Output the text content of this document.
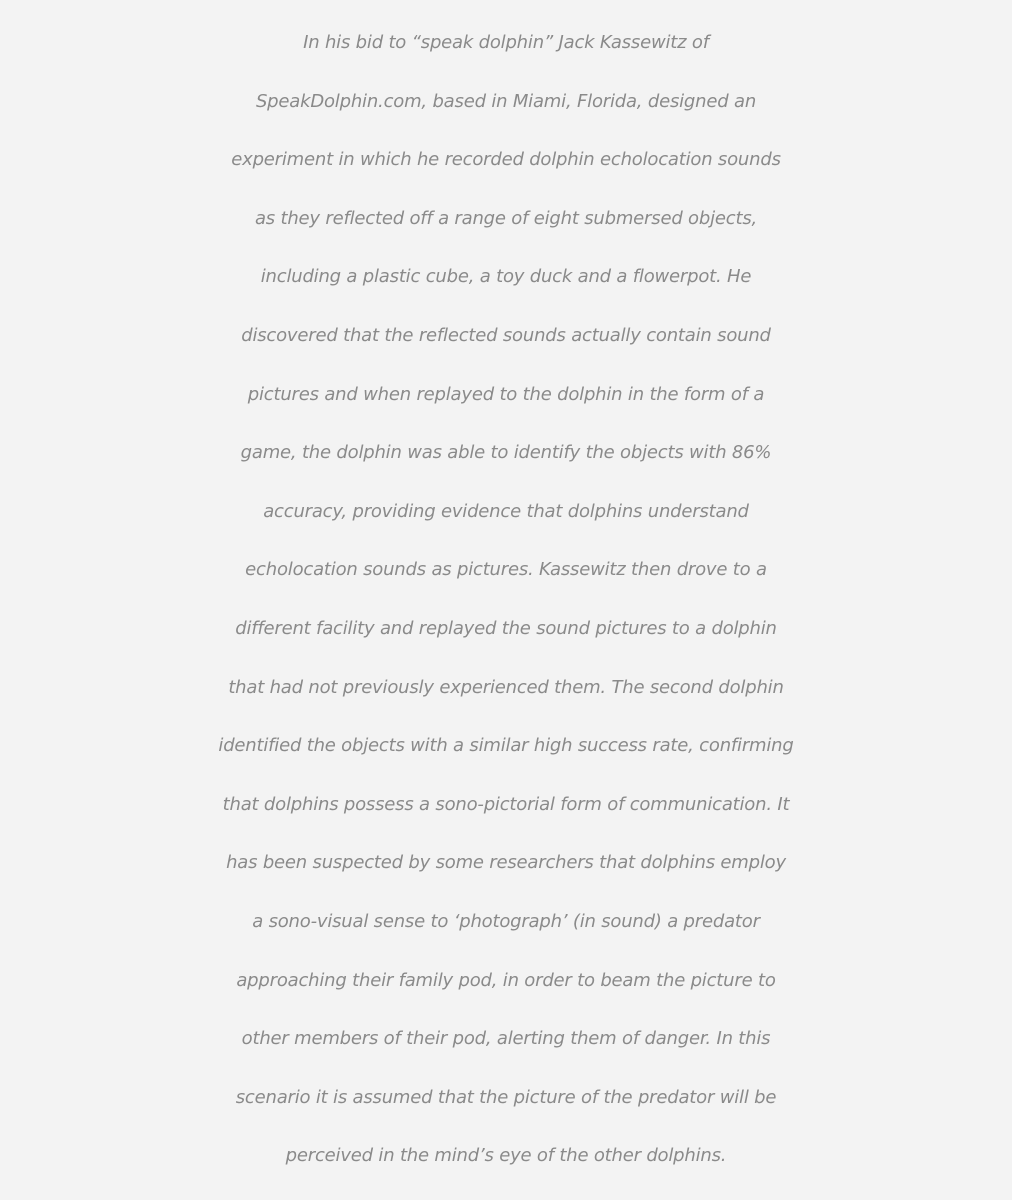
In his bid to “speak dolphin” Jack Kassewitz of
SpeakDolphin.com, based in Miami, Florida, designed an
experiment in which he recorded dolphin echolocation sounds
as they reflected off a range of eight submersed objects,
including a plastic cube, a toy duck and a flowerpot. He
discovered that the reflected sounds actually contain sound
pictures and when replayed to the dolphin in the form of a
game, the dolphin was able to identify the objects with 86%
accuracy, providing evidence that dolphins understand
echolocation sounds as pictures. Kassewitz then drove to a
different facility and replayed the sound pictures to a dolphin
that had not previously experienced them. The second dolphin
identified the objects with a similar high success rate, confirming
that dolphins possess a sono-pictorial form of communication. It
has been suspected by some researchers that dolphins employ
a sono-visual sense to ‘photograph’ (in sound) a predator
approaching their family pod, in order to beam the picture to
other members of their pod, alerting them of danger. In this
scenario it is assumed that the picture of the predator will be
perceived in the mind’s eye of the other dolphins.
